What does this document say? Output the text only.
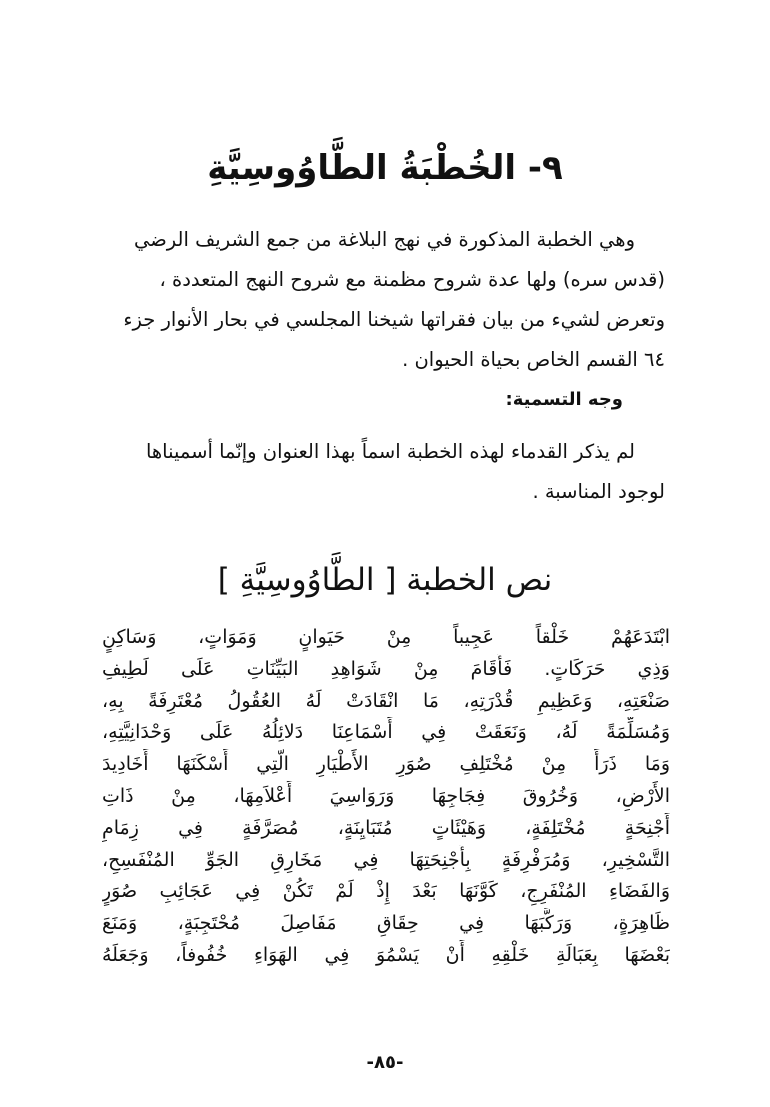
٩- الخُطْبَةُ الطَّاوُوسِيَّةِ

وهي الخطبة المذكورة في نهج البلاغة من جمع الشريف الرضي

(قدس سره) ولها عدة شروح مظمنة مع شروح النهج المتعددة ،

وتعرض لشيء من بيان فقراتها شيخنا المجلسي في بحار الأنوار جزء

٦٤ القسم الخاص بحياة الحيوان .

وجه التسمية:

لم يذكر القدماء لهذه الخطبة اسماً بهذا العنوان وإنّما أسميناها

لوجود المناسبة .

نص الخطبة [ الطَّاوُوسِيَّةِ ]
ابْتَدَعَهُمْ خَلْقاً عَجِيباً مِنْ حَيَوانٍ وَمَوَاتٍ، وَسَاكِنٍ
وَذِي حَرَكَاتٍ. فَأَقَامَ مِنْ شَوَاهِدِ البَيِّنَاتِ عَلَى لَطِيفِ
صَنْعَتِهِ، وَعَظِيمِ قُدْرَتِهِ، مَا انْقَادَتْ لَهُ العُقُولُ مُعْتَرِفَةً بِهِ،
وَمُسَلِّمَةً لَهُ، وَنَعَقَتْ فِي أَسْمَاعِنَا دَلائِلُهُ عَلَى وَحْدَانِيَّتِهِ،
وَمَا ذَرَأَ مِنْ مُخْتَلِفِ صُوَرِ الأَطْيَارِ الَّتِي أَسْكَنَهَا أَخَادِيدَ
الأَرْضِ، وَخُرُوقَ فِجَاجِهَا وَرَوَاسِيَ أَعْلاَمِهَا، مِنْ ذَاتِ
أَجْنِحَةٍ مُخْتَلِفَةٍ، وَهَيْئَاتٍ مُتَبَايِنَةٍ، مُصَرَّفَةٍ فِي زِمَامِ
التَّسْخِيرِ، وَمُرَفْرِفَةٍ بِأَجْنِحَتِهَا فِي مَخَارِقِ الجَوِّ المُنْفَسِحِ،
وَالفَضَاءِ المُنْفَرِجِ، كَوَّنَهَا بَعْدَ إِذْ لَمْ تَكُنْ فِي عَجَائِبِ صُوَرٍ
ظَاهِرَةٍ، وَرَكَّبَهَا فِي حِقَاقِ مَفَاصِلَ مُحْتَجِبَةٍ، وَمَنَعَ
بَعْضَهَا بِعَبَالَةِ خَلْقِهِ أَنْ يَسْمُوَ فِي الهَوَاءِ خُفُوفاً، وَجَعَلَهُ
-٨٥-
